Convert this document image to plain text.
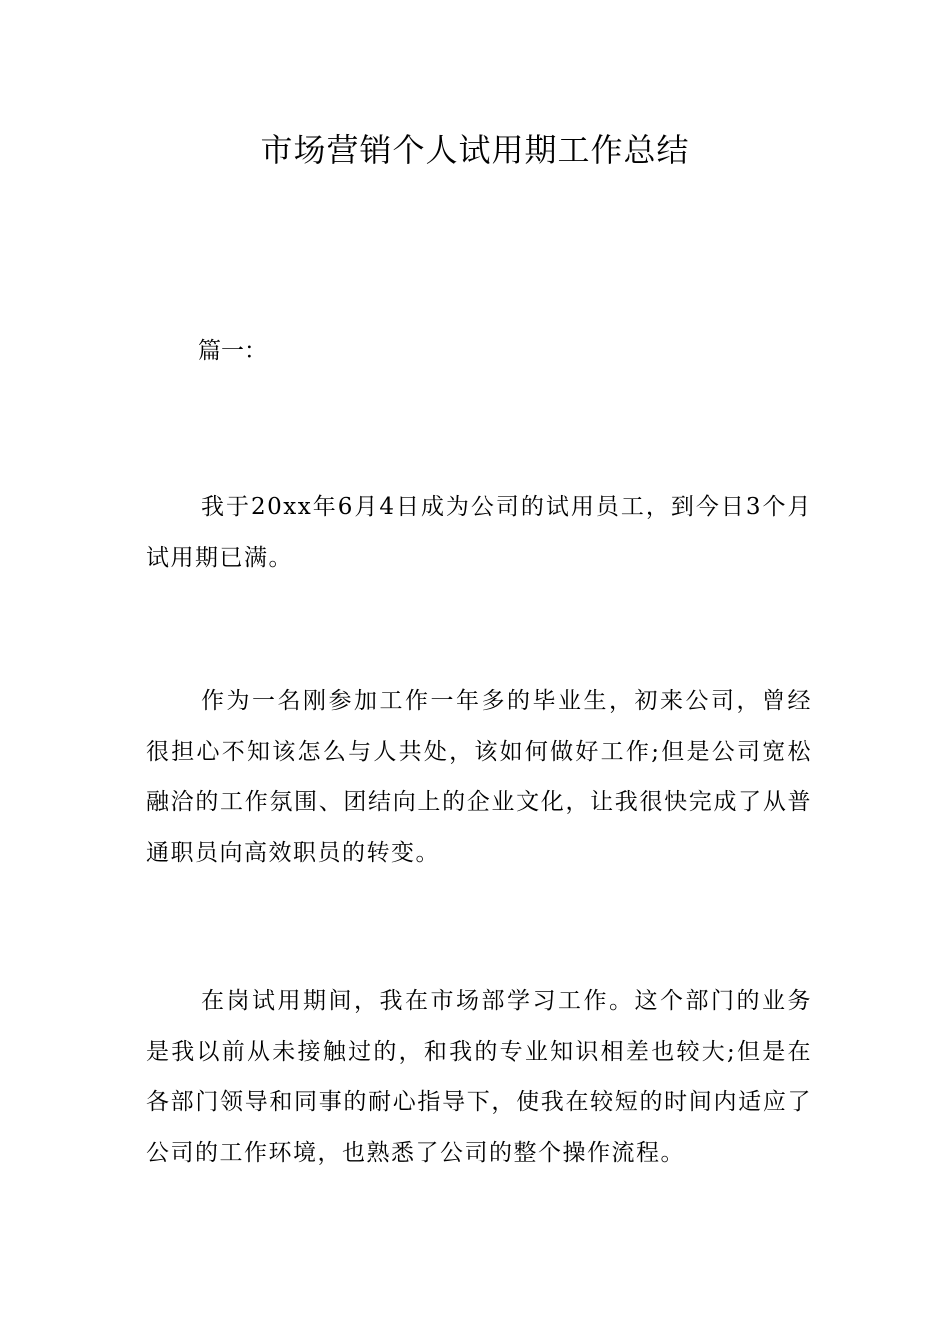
市场营销个人试用期工作总结
篇一：

我于20xx年6月4日成为公司的试用员工，到今日3个月试用期已满。

作为一名刚参加工作一年多的毕业生，初来公司，曾经很担心不知该怎么与人共处，该如何做好工作;但是公司宽松融洽的工作氛围、团结向上的企业文化，让我很快完成了从普通职员向高效职员的转变。

在岗试用期间，我在市场部学习工作。这个部门的业务是我以前从未接触过的，和我的专业知识相差也较大;但是在各部门领导和同事的耐心指导下，使我在较短的时间内适应了公司的工作环境，也熟悉了公司的整个操作流程。
